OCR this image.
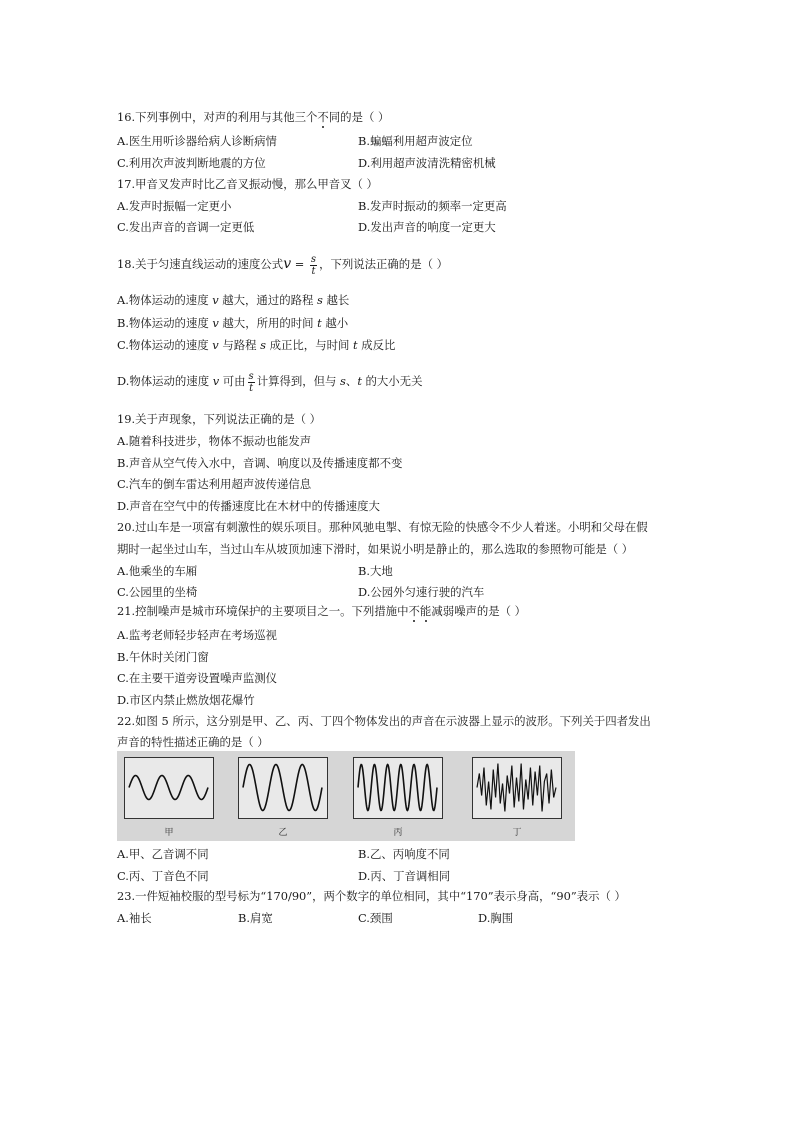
16.下列事例中，对声的利用与其他三个不
同的是（ ）
A.医生用听诊器给病人诊断病情	B.蝙蝠利用超声波定位
C.利用次声波判断地震的方位	D.利用超声波清洗精密机械
17.甲音叉发声时比乙音叉振动慢，那么甲音叉（ ）
A.发声时振幅一定更小	B.发声时振动的频率一定更高
C.发出声音的音调一定更低	D.发出声音的响度一定更大
18.关于匀速直线运动的速度公式$v = \frac{s}{t}$ ，下列说法正确的是（ ）
A.物体运动的速度 v 越大，通过的路程 s 越长
B.物体运动的速度 v 越大，所用的时间 t 越小
C.物体运动的速度 v 与路程 s 成正比，与时间 t 成反比
D.物体运动的速度 v 可由 $\frac{s}{t}$ 计算得到，但与 s、t 的大小无关
19.关于声现象，下列说法正确的是（ ）
A.随着科技进步，物体不振动也能发声
B.声音从空气传入水中，音调、响度以及传播速度都不变
C.汽车的倒车雷达利用超声波传递信息
D.声音在空气中的传播速度比在木材中的传播速度大
20.过山车是一项富有刺激性的娱乐项目。那种风驰电掣、有惊无险的快感令不少人着迷。小明和父母在假
期时一起坐过山车，当过山车从坡顶加速下滑时，如果说小明是静止的，那么选取的参照物可能是（ ）
A.他乘坐的车厢	B.大地
C.公园里的坐椅	D.公园外匀速行驶的汽车
21.控制噪声是城市环境保护的主要项目之一。下列措施中不
能
减弱噪声的是（ ）
A.监考老师轻步轻声在考场巡视
B.午休时关闭门窗
C.在主要干道旁设置噪声监测仪
D.市区内禁止燃放烟花爆竹
22.如图 5 所示，这分别是甲、乙、丙、丁四个物体发出的声音在示波器上显示的波形。下列关于四者发出
声音的特性描述正确的是（ ）
甲	乙	丙	丁
A.甲、乙音调不同	B.乙、丙响度不同
C.丙、丁音色不同	D.丙、丁音调相同
23.一件短袖校服的型号标为“170/90”，两个数字的单位相同，其中“170”表示身高，“90”表示（ ）
A.袖长	B.肩宽	C.颈围	D.胸围
